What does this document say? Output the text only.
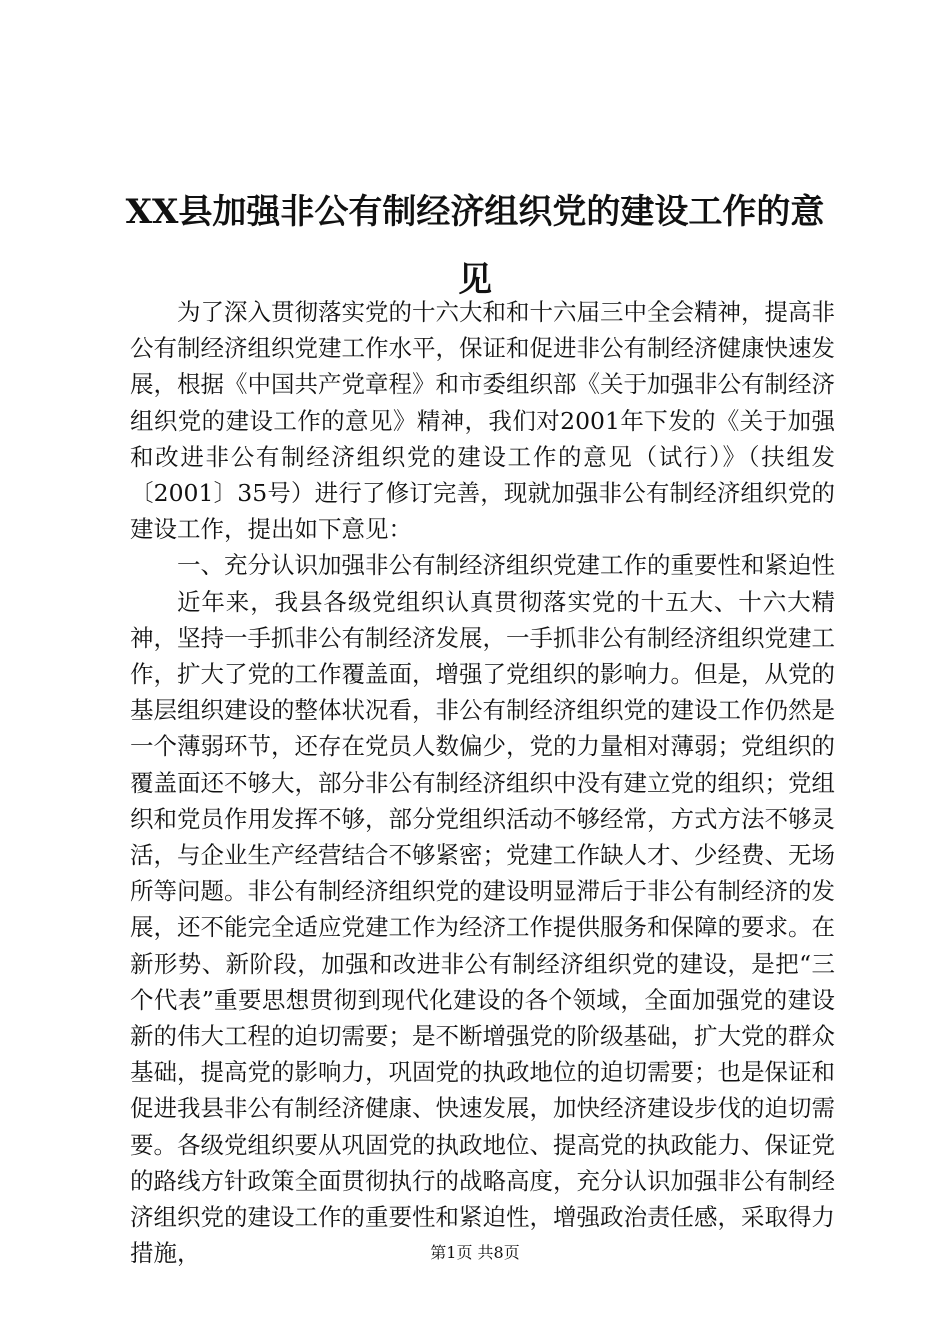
XX县加强非公有制经济组织党的建设工作的意见

为了深入贯彻落实党的十六大和和十六届三中全会精神，提高非公有制经济组织党建工作水平，保证和促进非公有制经济健康快速发展，根据《中国共产党章程》和市委组织部《关于加强非公有制经济组织党的建设工作的意见》精神，我们对2001年下发的《关于加强和改进非公有制经济组织党的建设工作的意见（试行）》（扶组发〔2001〕35号）进行了修订完善，现就加强非公有制经济组织党的建设工作，提出如下意见：

一、充分认识加强非公有制经济组织党建工作的重要性和紧迫性

近年来，我县各级党组织认真贯彻落实党的十五大、十六大精神，坚持一手抓非公有制经济发展，一手抓非公有制经济组织党建工作，扩大了党的工作覆盖面，增强了党组织的影响力。但是，从党的基层组织建设的整体状况看，非公有制经济组织党的建设工作仍然是一个薄弱环节，还存在党员人数偏少，党的力量相对薄弱；党组织的覆盖面还不够大，部分非公有制经济组织中没有建立党的组织；党组织和党员作用发挥不够，部分党组织活动不够经常，方式方法不够灵活，与企业生产经营结合不够紧密；党建工作缺人才、少经费、无场所等问题。非公有制经济组织党的建设明显滞后于非公有制经济的发展，还不能完全适应党建工作为经济工作提供服务和保障的要求。在新形势、新阶段，加强和改进非公有制经济组织党的建设，是把“三个代表”重要思想贯彻到现代化建设的各个领域，全面加强党的建设新的伟大工程的迫切需要；是不断增强党的阶级基础，扩大党的群众基础，提高党的影响力，巩固党的执政地位的迫切需要；也是保证和促进我县非公有制经济健康、快速发展，加快经济建设步伐的迫切需要。各级党组织要从巩固党的执政地位、提高党的执政能力、保证党的路线方针政策全面贯彻执行的战略高度，充分认识加强非公有制经济组织党的建设工作的重要性和紧迫性，增强政治责任感，采取得力措施，	第1页 共8页
